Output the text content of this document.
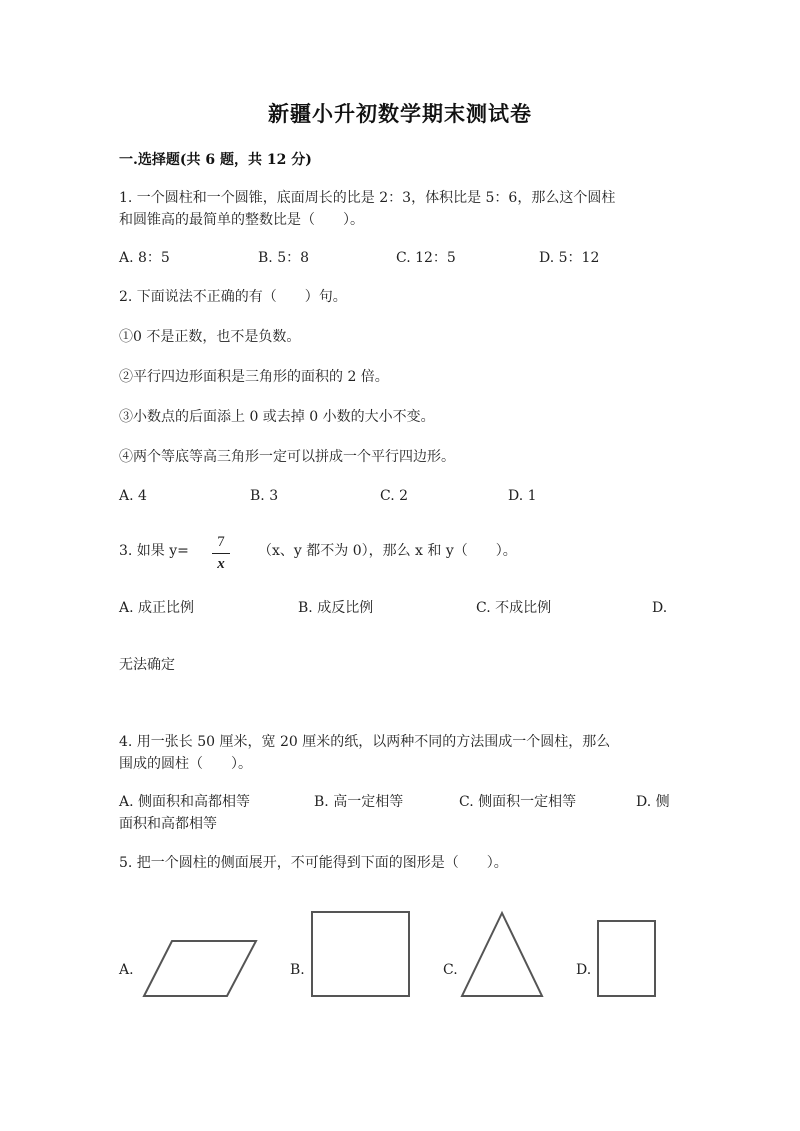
新疆小升初数学期末测试卷
一.选择题(共 6 题，共 12 分)
1. 一个圆柱和一个圆锥，底面周长的比是 2：3，体积比是 5：6，那么这个圆柱
和圆锥高的最简单的整数比是（　　）。
A. 8：5	B. 5：8	C. 12：5	D. 5：12
2. 下面说法不正确的有（　　）句。
①0 不是正数，也不是负数。
②平行四边形面积是三角形的面积的 2 倍。
③小数点的后面添上 0 或去掉 0 小数的大小不变。
④两个等底等高三角形一定可以拼成一个平行四边形。
A. 4	B. 3	C. 2	D. 1
3. 如果 y=
7
x
（x、y 都不为 0），那么 x 和 y（　　）。
A. 成正比例	B. 成反比例	C. 不成比例	D.
无法确定
4. 用一张长 50 厘米，宽 20 厘米的纸，以两种不同的方法围成一个圆柱，那么
围成的圆柱（　　）。
A. 侧面积和高都相等	B. 高一定相等	C. 侧面积一定相等	D. 侧
面积和高都相等
5. 把一个圆柱的侧面展开，不可能得到下面的图形是（　　）。
A.	B.	C.	D.
